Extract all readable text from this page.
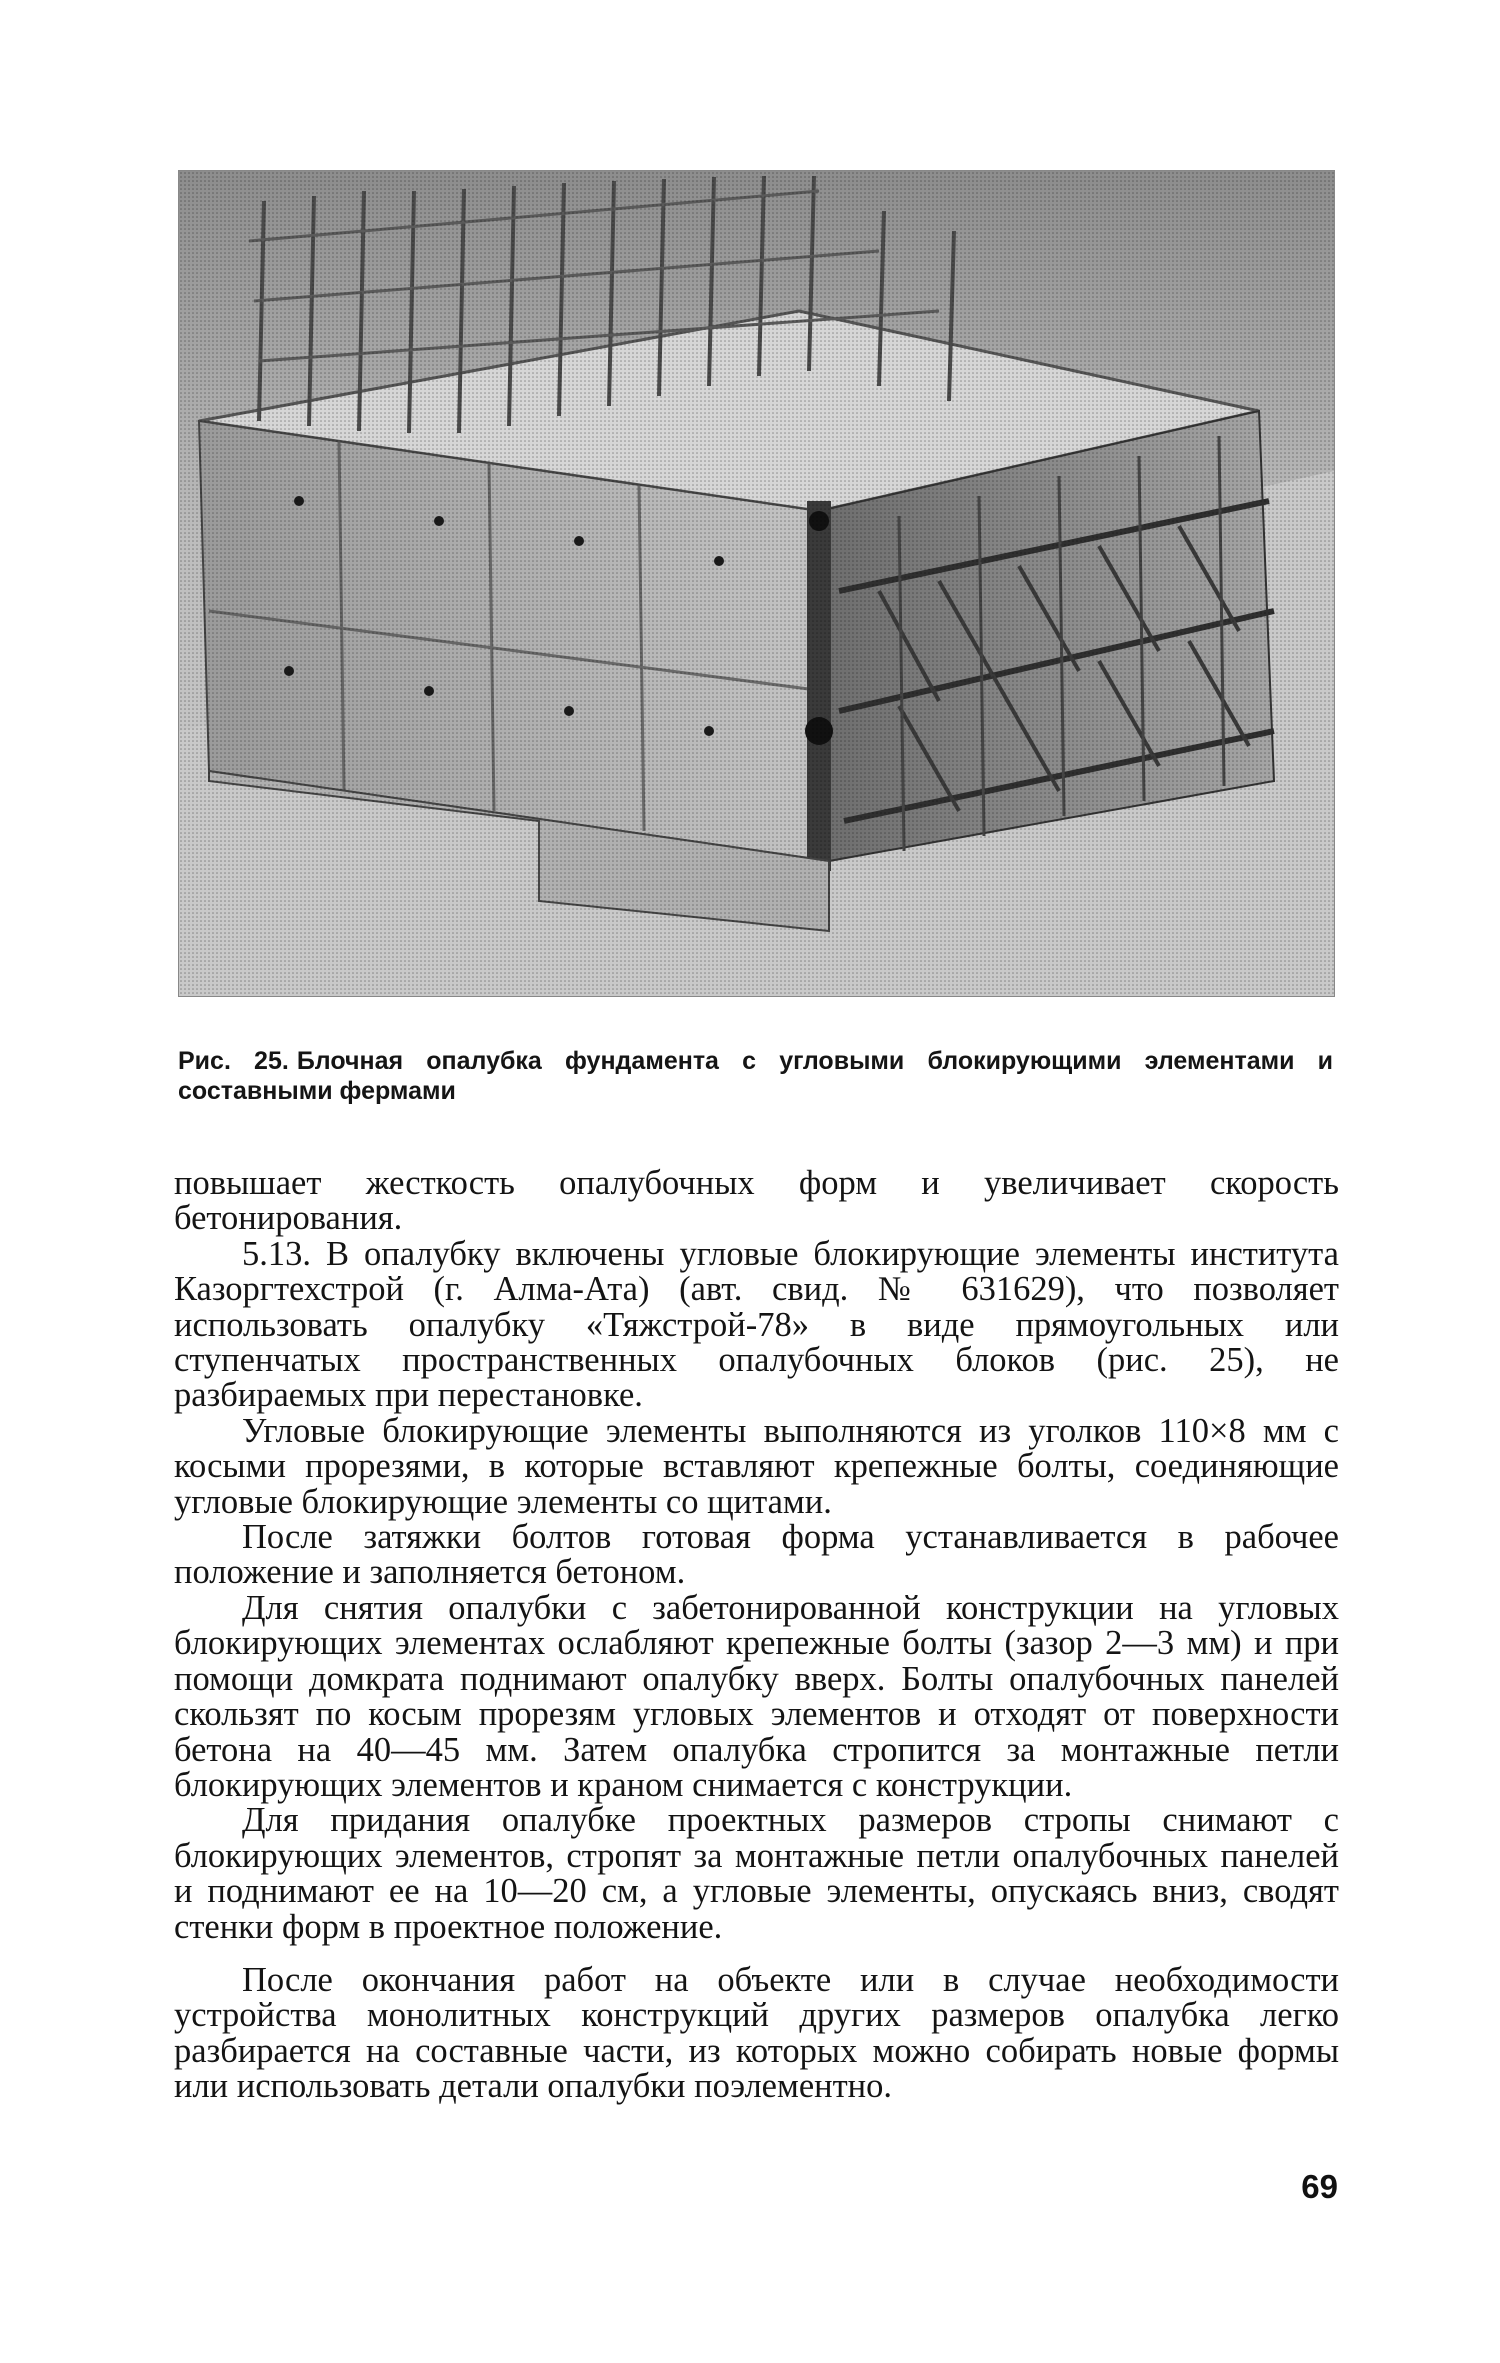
Рис. 25. Блочная опалубка фундамента с угловыми блокирующими элементами и составными фермами

повышает жесткость опалубочных форм и увеличивает скорость бетонирования.

5.13. В опалубку включены угловые блокирующие элементы института Казоргтехстрой (г. Алма-Ата) (авт. свид. № 631629), что позволяет использовать опалубку «Тяжстрой-78» в виде прямоугольных или ступенчатых пространственных опалубочных блоков (рис. 25), не разбираемых при перестановке.

Угловые блокирующие элементы выполняются из уголков 110×8 мм с косыми прорезями, в которые вставляют крепежные болты, соединяющие угловые блокирующие элементы со щитами.

После затяжки болтов готовая форма устанавливается в рабочее положение и заполняется бетоном.

Для снятия опалубки с забетонированной конструкции на угловых блокирующих элементах ослабляют крепежные болты (зазор 2—3 мм) и при помощи домкрата поднимают опалубку вверх. Болты опалубочных панелей скользят по косым прорезям угловых элементов и отходят от поверхности бетона на 40—45 мм. Затем опалубка стропится за монтажные петли блокирующих элементов и краном снимается с конструкции.

Для придания опалубке проектных размеров стропы снимают с блокирующих элементов, стропят за монтажные петли опалубочных панелей и поднимают ее на 10—20 см, а угловые элементы, опускаясь вниз, сводят стенки форм в проектное положение.

После окончания работ на объекте или в случае необходимости устройства монолитных конструкций других размеров опалубка легко разбирается на составные части, из которых можно собирать новые формы или использовать детали опалубки поэлементно.

69
